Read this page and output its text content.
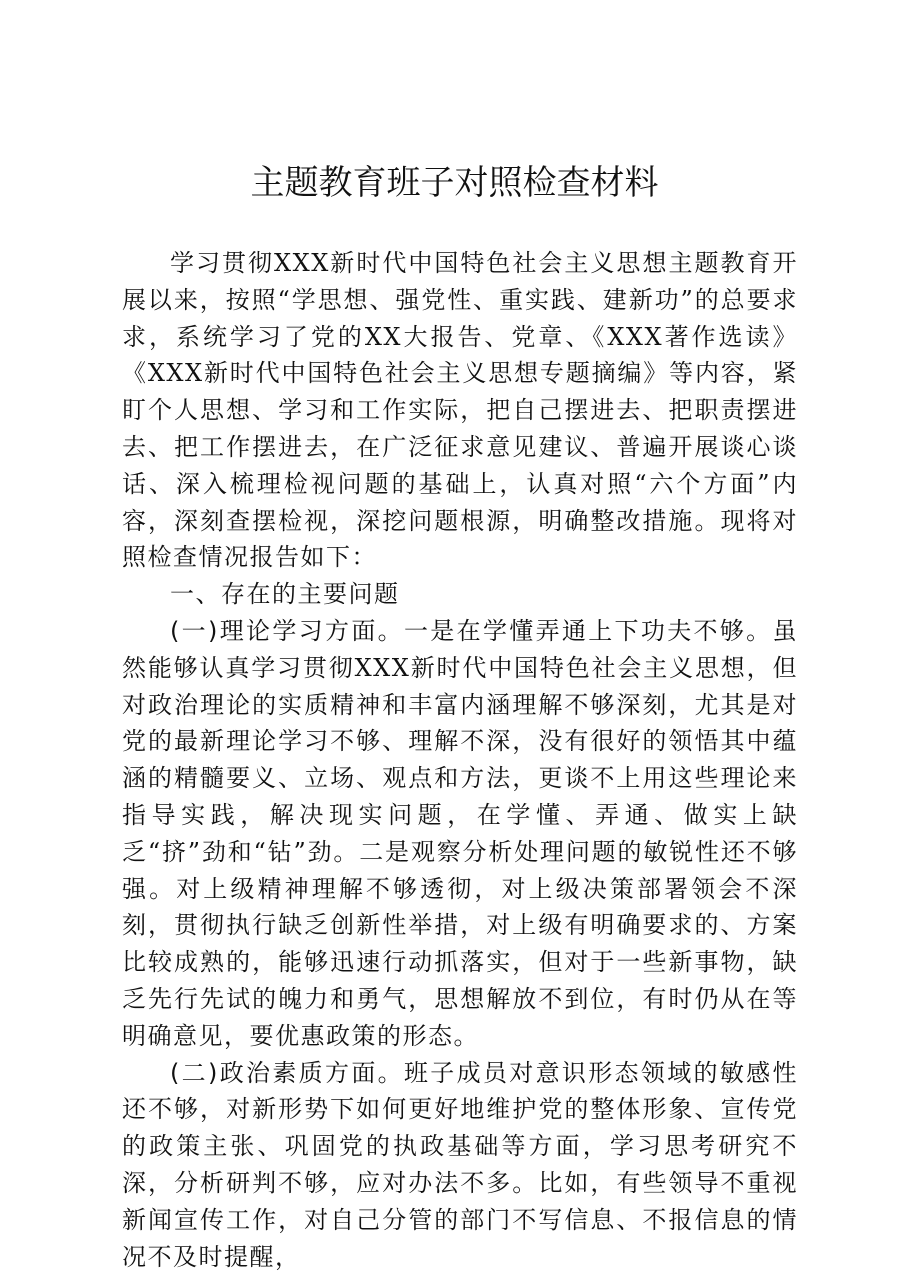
主题教育班子对照检查材料

学习贯彻XXX新时代中国特色社会主义思想主题教育开展以来，按照“学思想、强党性、重实践、建新功”的总要求求，系统学习了党的XX大报告、党章、《XXX著作选读》《XXX新时代中国特色社会主义思想专题摘编》等内容，紧盯个人思想、学习和工作实际，把自己摆进去、把职责摆进去、把工作摆进去，在广泛征求意见建议、普遍开展谈心谈话、深入梳理检视问题的基础上，认真对照“六个方面”内容，深刻查摆检视，深挖问题根源，明确整改措施。现将对照检查情况报告如下：

一、存在的主要问题

(一)理论学习方面。一是在学懂弄通上下功夫不够。虽然能够认真学习贯彻XXX新时代中国特色社会主义思想，但对政治理论的实质精神和丰富内涵理解不够深刻，尤其是对党的最新理论学习不够、理解不深，没有很好的领悟其中蕴涵的精髓要义、立场、观点和方法，更谈不上用这些理论来指导实践，解决现实问题，在学懂、弄通、做实上缺乏“挤”劲和“钻”劲。二是观察分析处理问题的敏锐性还不够强。对上级精神理解不够透彻，对上级决策部署领会不深刻，贯彻执行缺乏创新性举措，对上级有明确要求的、方案比较成熟的，能够迅速行动抓落实，但对于一些新事物，缺乏先行先试的魄力和勇气，思想解放不到位，有时仍从在等明确意见，要优惠政策的形态。

(二)政治素质方面。班子成员对意识形态领域的敏感性还不够，对新形势下如何更好地维护党的整体形象、宣传党的政策主张、巩固党的执政基础等方面，学习思考研究不深，分析研判不够，应对办法不多。比如，有些领导不重视新闻宣传工作，对自己分管的部门不写信息、不报信息的情况不及时提醒，
